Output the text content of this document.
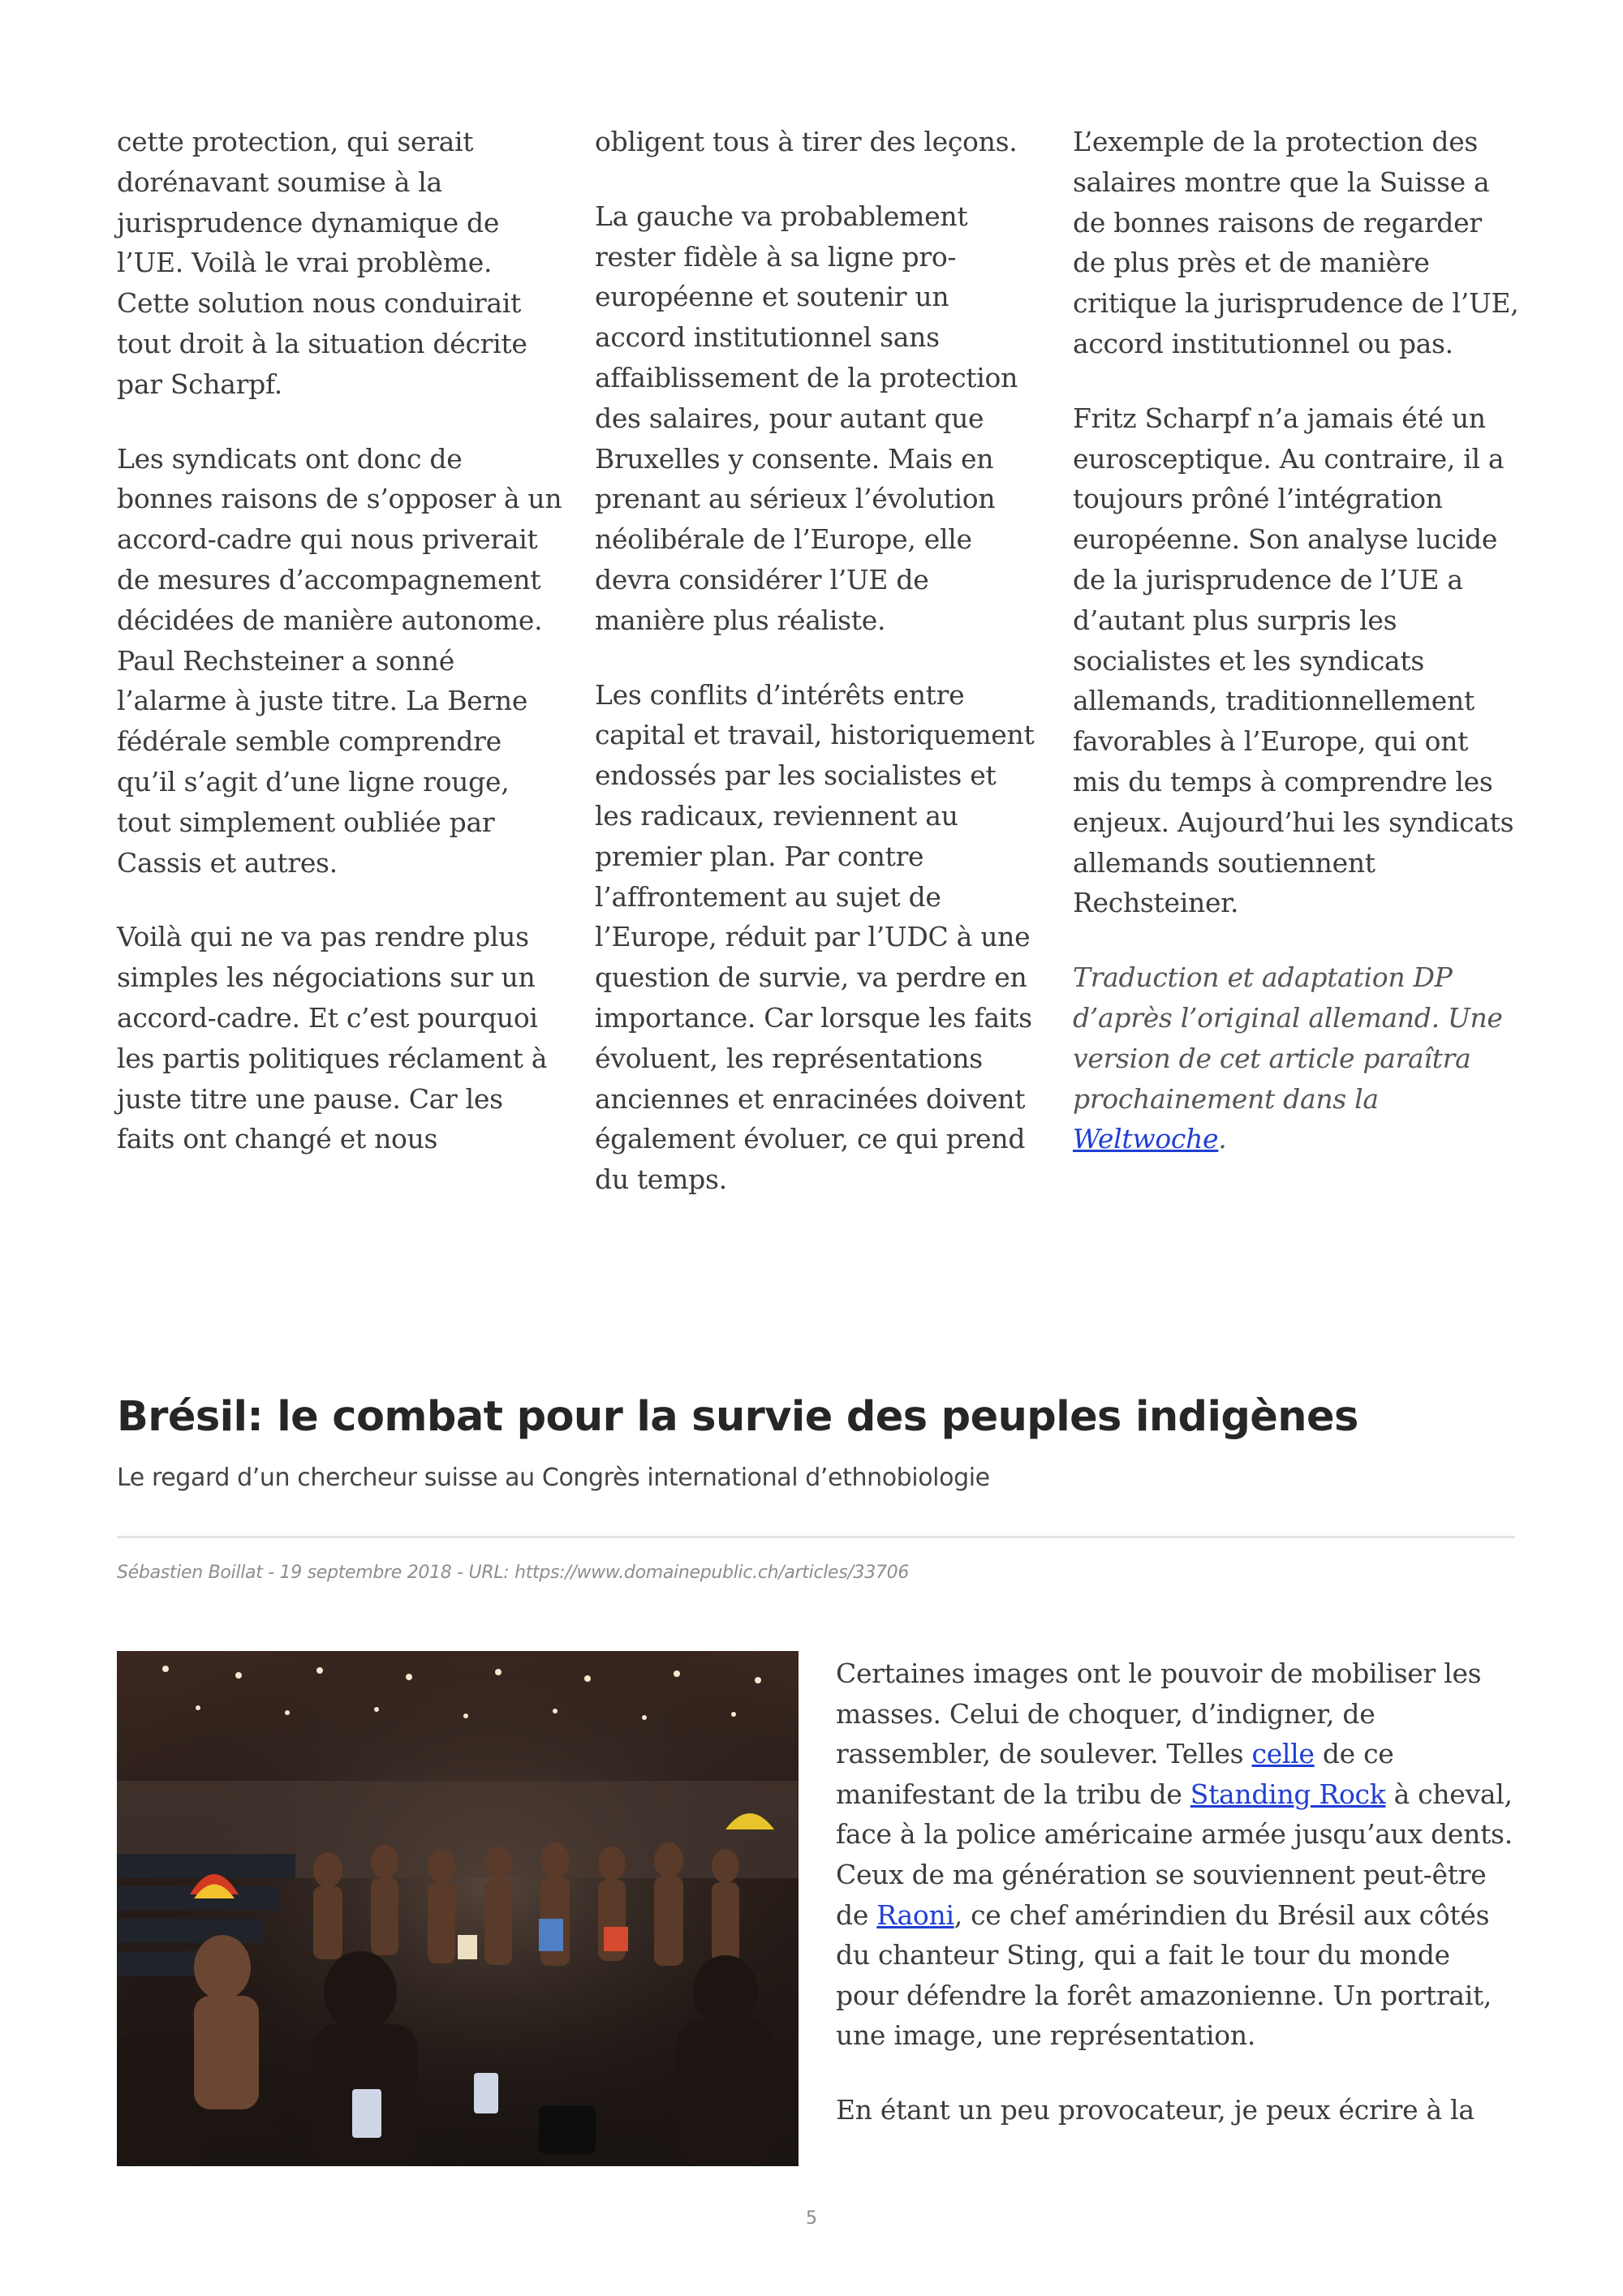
cette protection, qui serait dorénavant soumise à la jurisprudence dynamique de l’UE. Voilà le vrai problème. Cette solution nous conduirait tout droit à la situation décrite par Scharpf.

Les syndicats ont donc de bonnes raisons de s’opposer à un accord-cadre qui nous priverait de mesures d’accompagnement décidées de manière autonome. Paul Rechsteiner a sonné l’alarme à juste titre. La Berne fédérale semble comprendre qu’il s’agit d’une ligne rouge, tout simplement oubliée par Cassis et autres.

Voilà qui ne va pas rendre plus simples les négociations sur un accord-cadre. Et c’est pourquoi les partis politiques réclament à juste titre une pause. Car les faits ont changé et nous

obligent tous à tirer des leçons.

La gauche va probablement rester fidèle à sa ligne pro-européenne et soutenir un accord institutionnel sans affaiblissement de la protection des salaires, pour autant que Bruxelles y consente. Mais en prenant au sérieux l’évolution néolibérale de l’Europe, elle devra considérer l’UE de manière plus réaliste.

Les conflits d’intérêts entre capital et travail, historiquement endossés par les socialistes et les radicaux, reviennent au premier plan. Par contre l’affrontement au sujet de l’Europe, réduit par l’UDC à une question de survie, va perdre en importance. Car lorsque les faits évoluent, les représentations anciennes et enracinées doivent également évoluer, ce qui prend du temps.

L’exemple de la protection des salaires montre que la Suisse a de bonnes raisons de regarder de plus près et de manière critique la jurisprudence de l’UE, accord institutionnel ou pas.

Fritz Scharpf n’a jamais été un eurosceptique. Au contraire, il a toujours prôné l’intégration européenne. Son analyse lucide de la jurisprudence de l’UE a d’autant plus surpris les socialistes et les syndicats allemands, traditionnellement favorables à l’Europe, qui ont mis du temps à comprendre les enjeux. Aujourd’hui les syndicats allemands soutiennent Rechsteiner.

Traduction et adaptation DP d’après l’original allemand. Une version de cet article paraîtra prochainement dans la Weltwoche.

Brésil: le combat pour la survie des peuples indigènes

Le regard d’un chercheur suisse au Congrès international d’ethnobiologie

Sébastien Boillat - 19 septembre 2018 - URL: https://www.domainepublic.ch/articles/33706

Certaines images ont le pouvoir de mobiliser les masses. Celui de choquer, d’indigner, de rassembler, de soulever. Telles celle de ce manifestant de la tribu de Standing Rock à cheval, face à la police américaine armée jusqu’aux dents. Ceux de ma génération se souviennent peut-être de Raoni, ce chef amérindien du Brésil aux côtés du chanteur Sting, qui a fait le tour du monde pour défendre la forêt amazonienne. Un portrait, une image, une représentation.

En étant un peu provocateur, je peux écrire à la

5
